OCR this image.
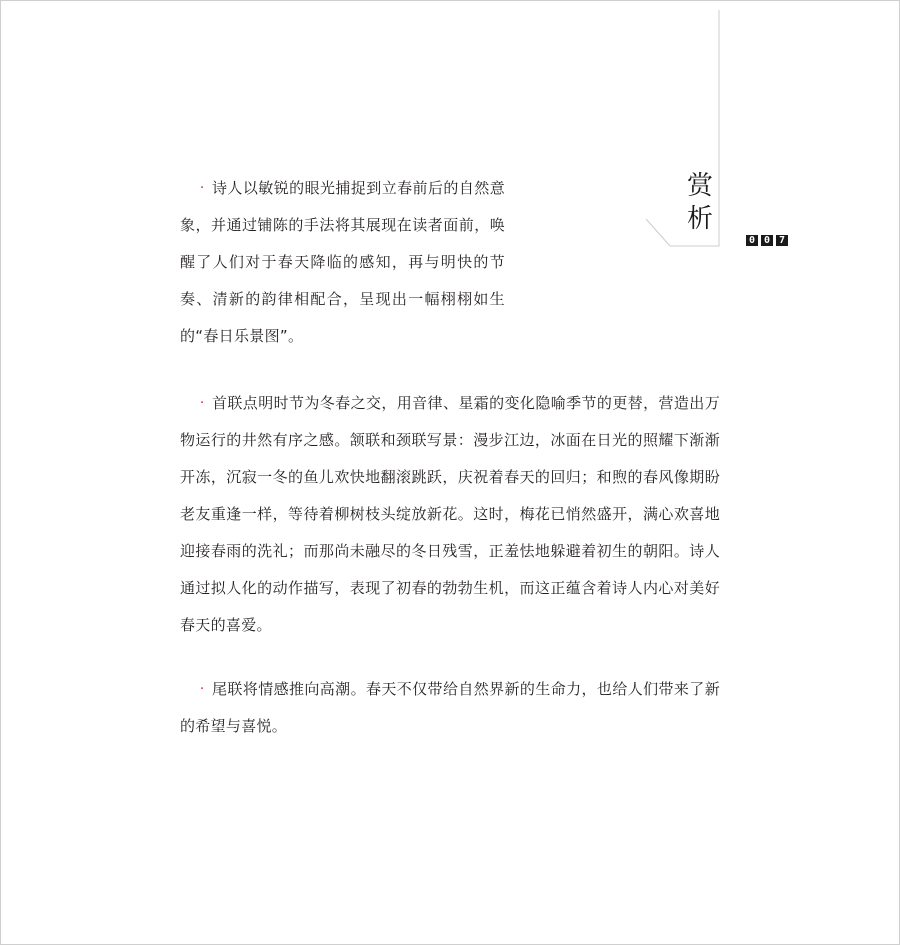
赏
析
0 0 7

· 诗人以敏锐的眼光捕捉到立春前后的自然意象，并通过铺陈的手法将其展现在读者面前，唤醒了人们对于春天降临的感知，再与明快的节奏、清新的韵律相配合，呈现出一幅栩栩如生的“春日乐景图”。

· 首联点明时节为冬春之交，用音律、星霜的变化隐喻季节的更替，营造出万物运行的井然有序之感。颔联和颈联写景：漫步江边，冰面在日光的照耀下渐渐开冻，沉寂一冬的鱼儿欢快地翻滚跳跃，庆祝着春天的回归；和煦的春风像期盼老友重逢一样，等待着柳树枝头绽放新花。这时，梅花已悄然盛开，满心欢喜地迎接春雨的洗礼；而那尚未融尽的冬日残雪，正羞怯地躲避着初生的朝阳。诗人通过拟人化的动作描写，表现了初春的勃勃生机，而这正蕴含着诗人内心对美好春天的喜爱。

· 尾联将情感推向高潮。春天不仅带给自然界新的生命力，也给人们带来了新的希望与喜悦。
